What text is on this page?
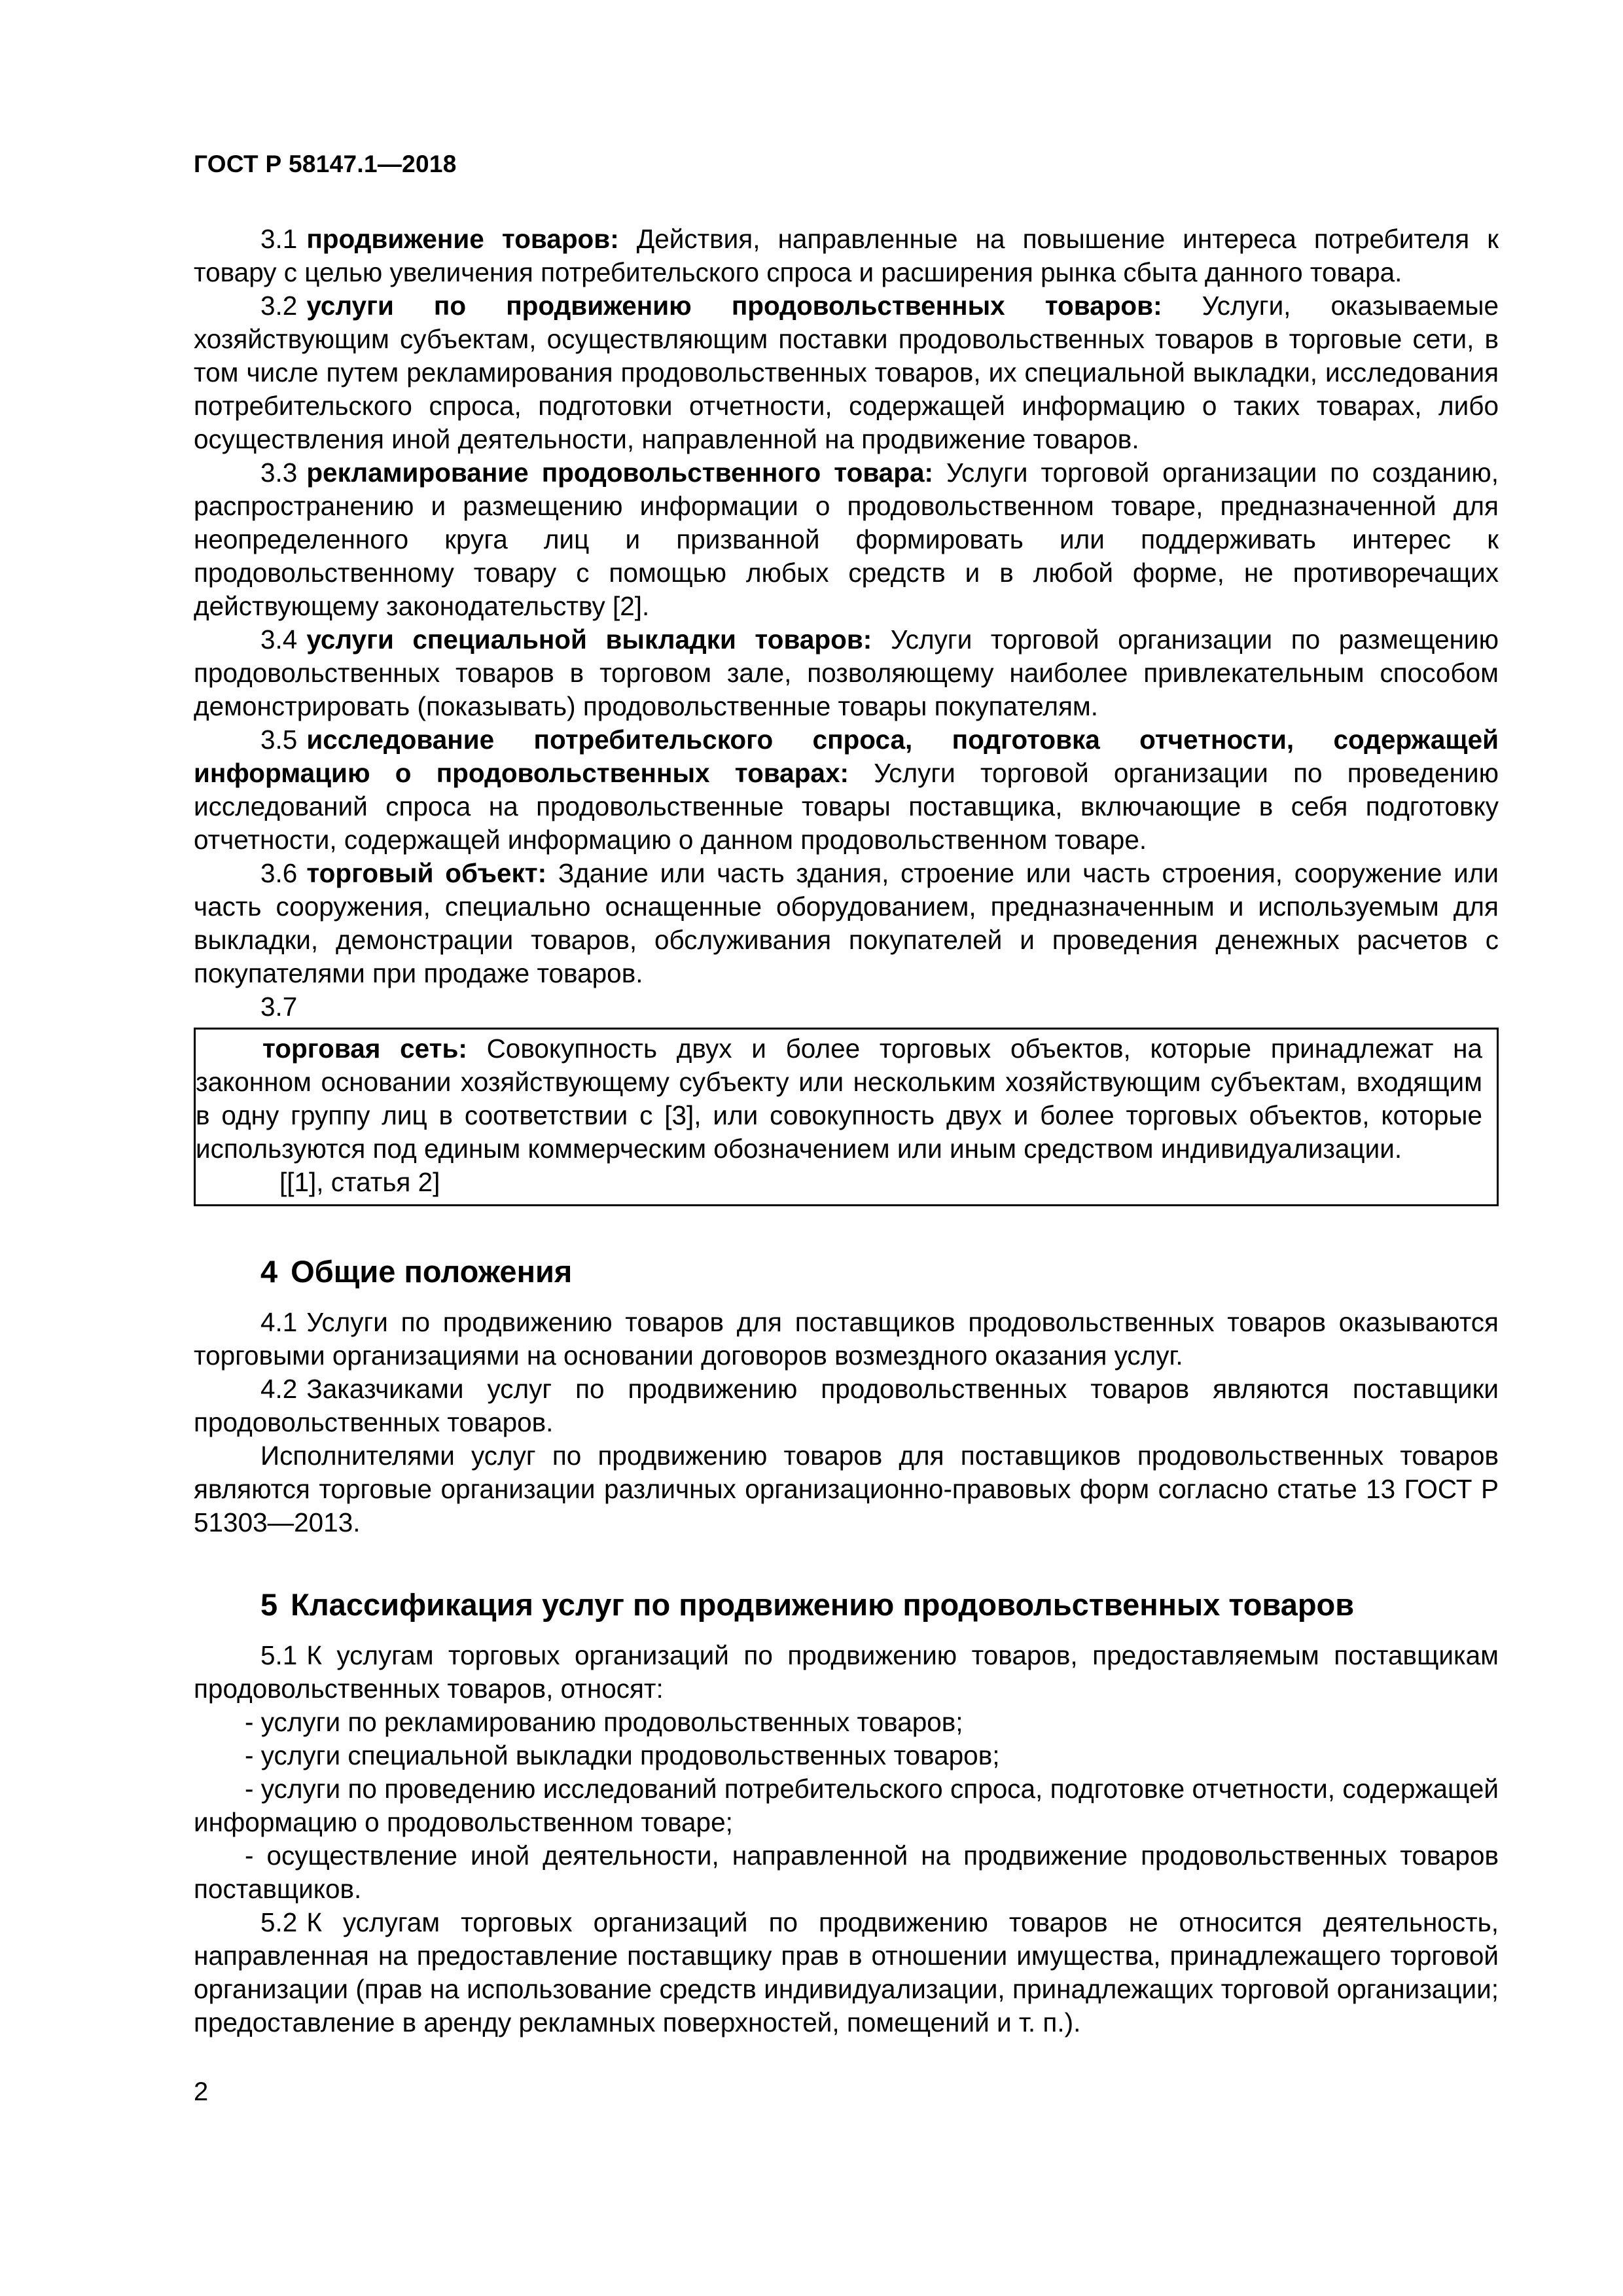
ГОСТ Р 58147.1—2018

3.1 продвижение товаров: Действия, направленные на повышение интереса потребителя к товару с целью увеличения потребительского спроса и расширения рынка сбыта данного товара.

3.2 услуги по продвижению продовольственных товаров: Услуги, оказываемые хозяйствующим субъектам, осуществляющим поставки продовольственных товаров в торговые сети, в том числе путем рекламирования продовольственных товаров, их специальной выкладки, исследования потребительского спроса, подготовки отчетности, содержащей информацию о таких товарах, либо осуществления иной деятельности, направленной на продвижение товаров.

3.3 рекламирование продовольственного товара: Услуги торговой организации по созданию, распространению и размещению информации о продовольственном товаре, предназначенной для неопределенного круга лиц и призванной формировать или поддерживать интерес к продовольственному товару с помощью любых средств и в любой форме, не противоречащих действующему законодательству [2].

3.4 услуги специальной выкладки товаров: Услуги торговой организации по размещению продовольственных товаров в торговом зале, позволяющему наиболее привлекательным способом демонстрировать (показывать) продовольственные товары покупателям.

3.5 исследование потребительского спроса, подготовка отчетности, содержащей информацию о продовольственных товарах: Услуги торговой организации по проведению исследований спроса на продовольственные товары поставщика, включающие в себя подготовку отчетности, содержащей информацию о данном продовольственном товаре.

3.6 торговый объект: Здание или часть здания, строение или часть строения, сооружение или часть сооружения, специально оснащенные оборудованием, предназначенным и используемым для выкладки, демонстрации товаров, обслуживания покупателей и проведения денежных расчетов с покупателями при продаже товаров.

3.7

торговая сеть: Совокупность двух и более торговых объектов, которые принадлежат на законном основании хозяйствующему субъекту или нескольким хозяйствующим субъектам, входящим в одну группу лиц в соответствии с [3], или совокупность двух и более торговых объектов, которые используются под единым коммерческим обозначением или иным средством индивидуализации.

[[1], статья 2]

4 Общие положения

4.1 Услуги по продвижению товаров для поставщиков продовольственных товаров оказываются торговыми организациями на основании договоров возмездного оказания услуг.

4.2 Заказчиками услуг по продвижению продовольственных товаров являются поставщики продовольственных товаров.

Исполнителями услуг по продвижению товаров для поставщиков продовольственных товаров являются торговые организации различных организационно-правовых форм согласно статье 13 ГОСТ Р 51303—2013.

5 Классификация услуг по продвижению продовольственных товаров

5.1 К услугам торговых организаций по продвижению товаров, предоставляемым поставщикам продовольственных товаров, относят:

- услуги по рекламированию продовольственных товаров;

- услуги специальной выкладки продовольственных товаров;

- услуги по проведению исследований потребительского спроса, подготовке отчетности, содержащей информацию о продовольственном товаре;

- осуществление иной деятельности, направленной на продвижение продовольственных товаров поставщиков.

5.2 К услугам торговых организаций по продвижению товаров не относится деятельность, направленная на предоставление поставщику прав в отношении имущества, принадлежащего торговой организации (прав на использование средств индивидуализации, принадлежащих торговой организации; предоставление в аренду рекламных поверхностей, помещений и т. п.).

2
